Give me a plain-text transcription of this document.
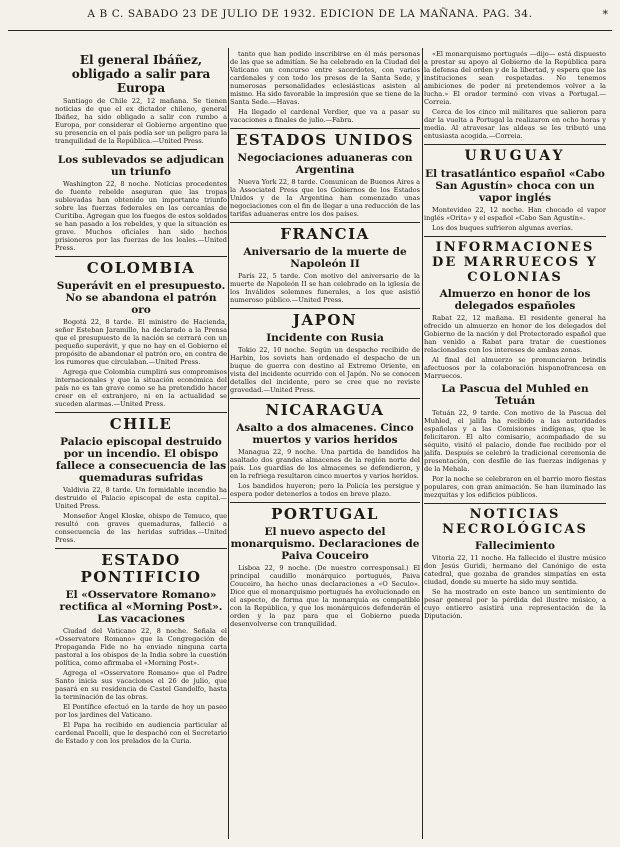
A B C. SABADO 23 DE JULIO DE 1932. EDICION DE LA MAÑANA. PAG. 34.	*
El general Ibáñez, obligado a salir para Europa

Santiago de Chile 22, 12 mañana. Se tienen noticias de que el ex dictador chileno, general Ibáñez, ha sido obligado a salir con rumbo a Europa, por considerar el Gobierno argentino que su presencia en el país podía ser un peligro para la tranquilidad de la República.—United Press.

Los sublevados se adjudican un triunfo

Washington 22, 8 noche. Noticias procedentes de fuente rebelde aseguran que las tropas sublevadas han obtenido un importante triunfo sobre las fuerzas federales en las cercanías de Curitiba. Agregan que los fuegos de estos soldados se han pasado a los rebeldes, y que la situación es grave. Muchos oficiales han sido hechos prisioneros por las fuerzas de los leales.—United Press.

COLOMBIA
Superávit en el presupuesto. No se abandona el patrón oro

Bogotá 22, 8 tarde. El ministro de Hacienda, señor Esteban Jaramillo, ha declarado a la Prensa que el presupuesto de la nación se cerrará con un pequeño superávit, y que no hay en el Gobierno el propósito de abandonar el patrón oro, en contra de los rumores que circulaban.—United Press.

Agrega que Colombia cumplirá sus compromisos internacionales y que la situación económica del país no es tan grave como se ha pretendido hacer creer en el extranjero, ni en la actualidad se suceden alarmas.—United Press.

CHILE
Palacio episcopal destruido por un incendio. El obispo fallece a consecuencia de las quemaduras sufridas

Valdivia 22, 8 tarde. Un formidable incendio ha destruido el Palacio episcopal de esta capital.—United Press.

Monseñor Ángel Kloske, obispo de Temuco, que resultó con graves quemaduras, falleció a consecuencia de las heridas sufridas.—United Press.

ESTADO PONTIFICIO
El «Osservatore Romano» rectifica al «Morning Post». Las vacaciones

Ciudad del Vaticano 22, 8 noche. Señala el «Osservatore Romano» que la Congregación de Propaganda Fide no ha enviado ninguna carta pastoral a los obispos de la India sobre la cuestión política, como afirmaba el «Morning Post».

Agrega el «Osservatore Romano» que el Padre Santo inicia sus vacaciones el 26 de julio, que pasará en su residencia de Castel Gandolfo, hasta la terminación de las obras.

El Pontífice efectuó en la tarde de hoy un paseo por los jardines del Vaticano.

El Papa ha recibido en audiencia particular al cardenal Pacelli, que le despachó con el Secretario de Estado y con los prelados de la Curia.

tanto que han podido inscribirse en él más personas de las que se admitían. Se ha celebrado en la Ciudad del Vaticano un concurso entre sacerdotes, con varios cardenales y con todo los presos de la Santa Sede, y numerosas personalidades eclesiásticas asisten al mismo. Ha sido favorable la impresión que se tiene de la Santa Sede.—Havas.

Ha llegado el cardenal Verdier, que va a pasar su vacaciones a finales de julio.—Fabra.

ESTADOS UNIDOS
Negociaciones aduaneras con Argentina

Nueva York 22, 8 tarde. Comunican de Buenos Aires a la Associated Press que los Gobiernos de los Estados Unidos y de la Argentina han comenzado unas negociaciones con el fin de llegar a una reducción de las tarifas aduaneras entre los dos países.

FRANCIA
Aniversario de la muerte de Napoleón II

París 22, 5 tarde. Con motivo del aniversario de la muerte de Napoleón II se han celebrado en la iglesia de los Inválidos solemnes funerales, a los que asistió numeroso público.—United Press.

JAPON
Incidente con Rusia

Tokio 22, 10 noche. Según un despacho recibido de Harbin, los soviets han ordenado el despacho de un buque de guerra con destino al Extremo Oriente, en vista del incidente ocurrido con el Japón. No se conocen detalles del incidente, pero se cree que no reviste gravedad.—United Press.

NICARAGUA
Asalto a dos almacenes. Cinco muertos y varios heridos

Managua 22, 9 noche. Una partida de bandidos ha asaltado dos grandes almacenes de la región norte del país. Los guardias de los almacenes se defendieron, y en la refriega resultaron cinco muertos y varios heridos.

Los bandidos huyeron; pero la Policía les persigue y espera poder detenerlos a todos en breve plazo.

PORTUGAL
El nuevo aspecto del monarquismo. Declaraciones de Paiva Couceiro

Lisboa 22, 9 noche. (De nuestro corresponsal.) El principal caudillo monárquico portugués, Paiva Couceiro, ha hecho unas declaraciones a «O Seculo». Dice que el monarquismo portugués ha evolucionado en el aspecto, de forma que la monarquía es compatible con la República, y que los monárquicos defenderán el orden y la paz para que el Gobierno pueda desenvolverse con tranquilidad.

«El monarquismo portugués —dijo— está dispuesto a prestar su apoyo al Gobierno de la República para la defensa del orden y de la libertad, y espera que las instituciones sean respetadas. No tenemos ambiciones de poder ni pretendemos volver a la lucha.» El orador terminó con vivas a Portugal.—Correia.

Cerca de los cinco mil militares que salieron para dar la vuelta a Portugal la realizaron en ocho horas y media. Al atravesar las aldeas se les tributó una entusiasta acogida.—Correia.

URUGUAY
El trasatlántico español «Cabo San Agustín» choca con un vapor inglés

Montevideo 22, 12 noche. Han chocado el vapor inglés «Orita» y el español «Cabo San Agustín».

Los dos buques sufrieron algunas averías.

INFORMACIONES DE MARRUECOS Y COLONIAS
Almuerzo en honor de los delegados españoles

Rabat 22, 12 mañana. El residente general ha ofrecido un almuerzo en honor de los delegados del Gobierno de la nación y del Protectorado español que han venido a Rabat para tratar de cuestiones relacionadas con los intereses de ambas zonas.

Al final del almuerzo se pronunciaron brindis afectuosos por la colaboración hispanofrancesa en Marruecos.

La Pascua del Muhled en Tetuán

Tetuán 22, 9 tarde. Con motivo de la Pascua del Muhled, el jalifa ha recibido a las autoridades españolas y a las Comisiones indígenas, que le felicitaron. El alto comisario, acompañado de su séquito, visitó el palacio, donde fue recibido por el jalifa. Después se celebró la tradicional ceremonia de presentación, con desfile de las fuerzas indígenas y de la Mehala.

Por la noche se celebraron en el barrio moro fiestas populares, con gran animación. Se han iluminado las mezquitas y los edificios públicos.

NOTICIAS NECROLÓGICAS
Fallecimiento

Vitoria 22, 11 noche. Ha fallecido el ilustre músico don Jesús Guridi, hermano del Canónigo de esta catedral, que gozaba de grandes simpatías en esta ciudad, donde su muerte ha sido muy sentida.

Se ha mostrado en este banco un sentimiento de pesar general por la pérdida del ilustre músico, a cuyo entierro asistirá una representación de la Diputación.
